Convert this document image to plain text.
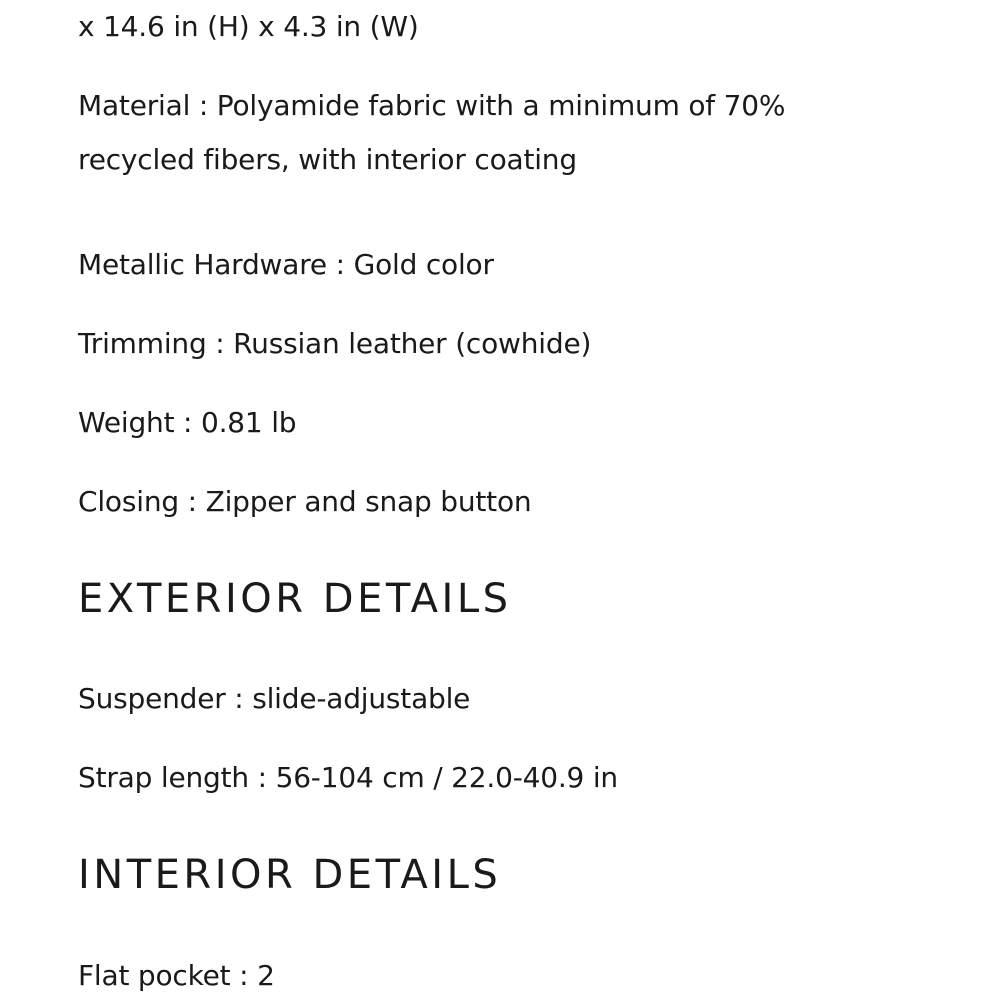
x 14.6 in (H) x 4.3 in (W)
Material : Polyamide fabric with a minimum of 70%
recycled fibers, with interior coating
Metallic Hardware : Gold color
Trimming : Russian leather (cowhide)
Weight : 0.81 lb
Closing : Zipper and snap button
EXTERIOR DETAILS
Suspender : slide-adjustable
Strap length : 56-104 cm / 22.0-40.9 in
INTERIOR DETAILS
Flat pocket : 2
